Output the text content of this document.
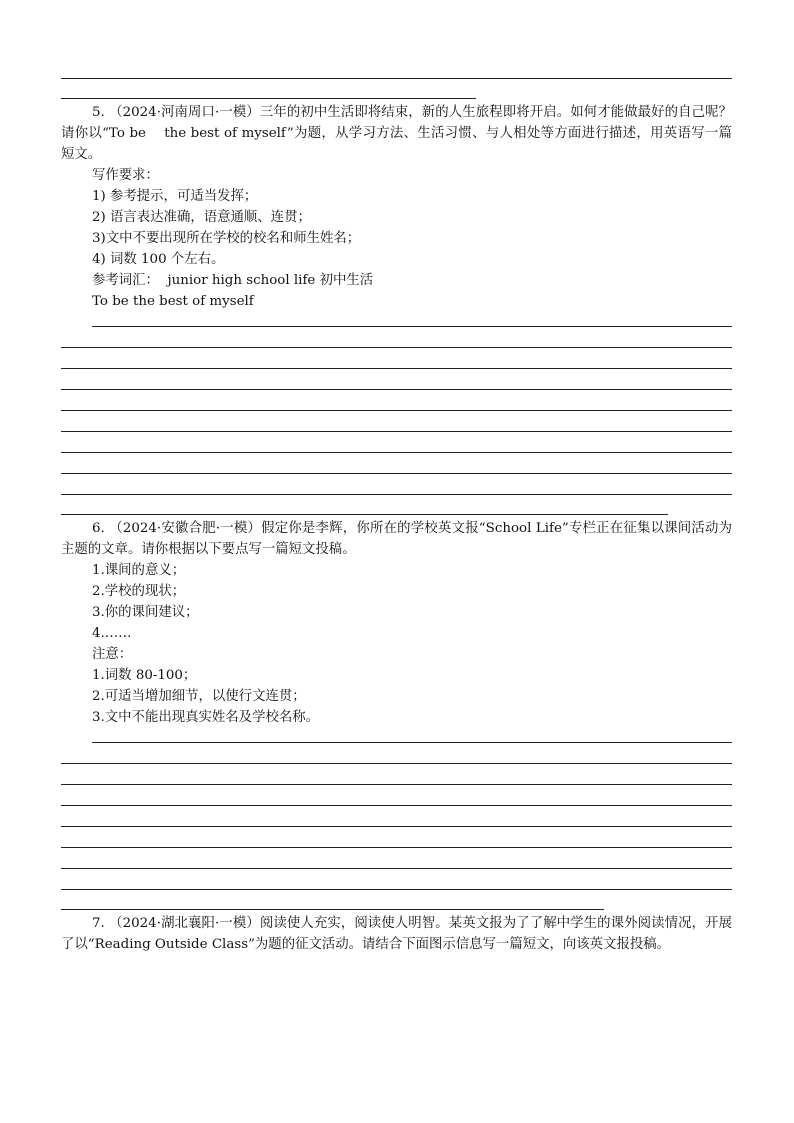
5. （2024·河南周口·一模）三年的初中生活即将结束，新的人生旅程即将开启。如何才能做最好的自己呢？请你以“To be    the best of myself”为题，从学习方法、生活习惯、与人相处等方面进行描述，用英语写一篇短文。
写作要求：
1) 参考提示，可适当发挥；
2) 语言表达准确，语意通顺、连贯；
3)文中不要出现所在学校的校名和师生姓名；
4) 词数 100 个左右。
参考词汇：  junior high school life 初中生活
To be the best of myself
6. （2024·安徽合肥·一模）假定你是李辉，你所在的学校英文报“School Life”专栏正在征集以课间活动为主题的文章。请你根据以下要点写一篇短文投稿。
1.课间的意义；
2.学校的现状；
3.你的课间建议；
4.……
注意：
1.词数 80-100；
2.可适当增加细节，以使行文连贯；
3.文中不能出现真实姓名及学校名称。
7. （2024·湖北襄阳·一模）阅读使人充实，阅读使人明智。某英文报为了了解中学生的课外阅读情况，开展了以“Reading Outside Class”为题的征文活动。请结合下面图示信息写一篇短文，向该英文报投稿。
